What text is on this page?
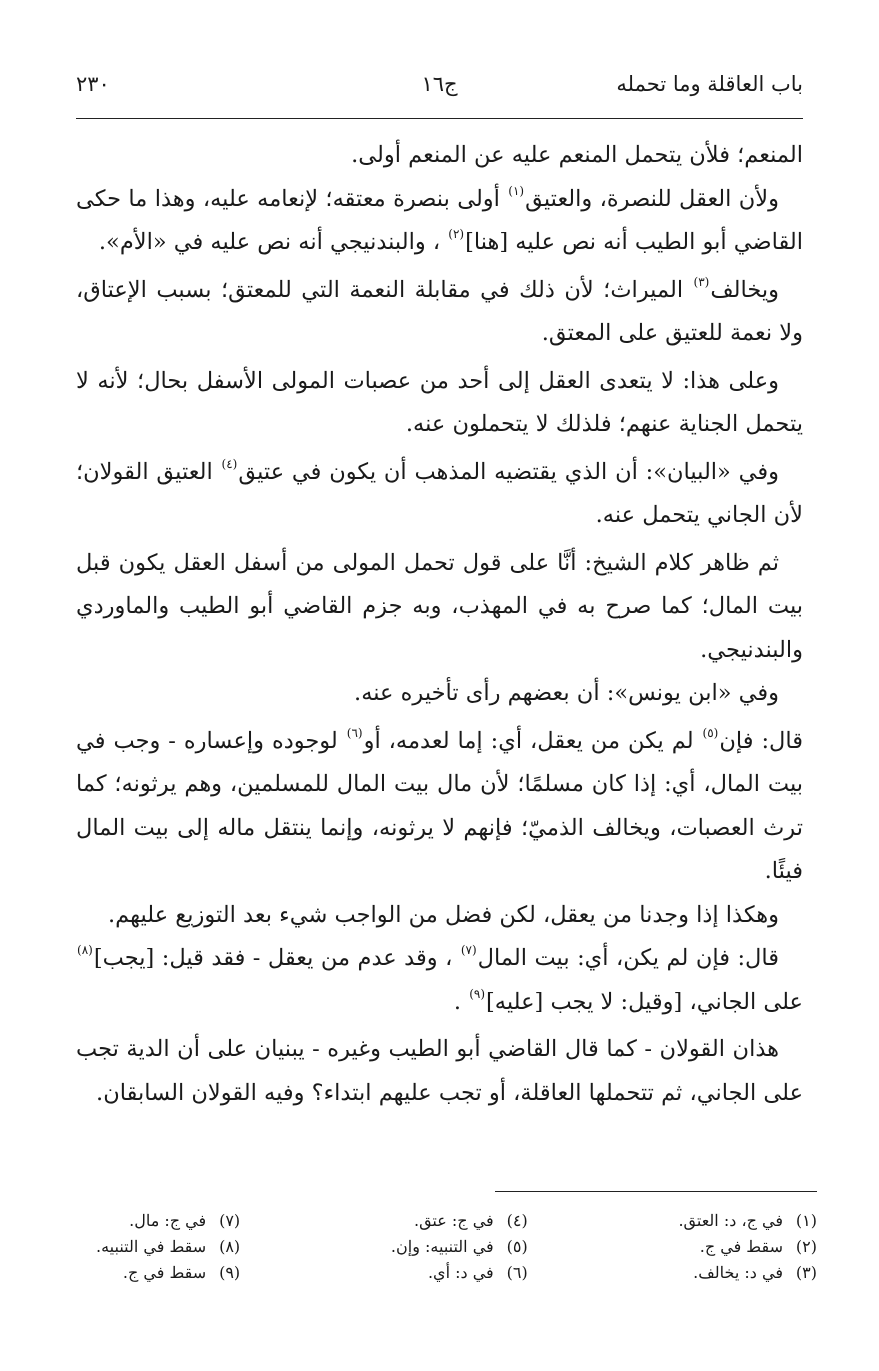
باب العاقلة وما تحمله
ج١٦
٢٣٠

المنعم؛ فلأن يتحمل المنعم عليه عن المنعم أولى.

ولأن العقل للنصرة، والعتيق$^{(١)}$ أولى بنصرة معتقه؛ لإنعامه عليه، وهذا ما حكى القاضي أبو الطيب أنه نص عليه [هنا]$^{(٢)}$ ، والبندنيجي أنه نص عليه في «الأم».

ويخالف$^{(٣)}$ الميراث؛ لأن ذلك في مقابلة النعمة التي للمعتق؛ بسبب الإعتاق، ولا نعمة للعتيق على المعتق.

وعلى هذا: لا يتعدى العقل إلى أحد من عصبات المولى الأسفل بحال؛ لأنه لا يتحمل الجناية عنهم؛ فلذلك لا يتحملون عنه.

وفي «البيان»: أن الذي يقتضيه المذهب أن يكون في عتيق$^{(٤)}$ العتيق القولان؛ لأن الجاني يتحمل عنه.

ثم ظاهر كلام الشيخ: أنَّا على قول تحمل المولى من أسفل العقل يكون قبل بيت المال؛ كما صرح به في المهذب، وبه جزم القاضي أبو الطيب والماوردي والبندنيجي.

وفي «ابن يونس»: أن بعضهم رأى تأخيره عنه.

قال: فإن$^{(٥)}$ لم يكن من يعقل، أي: إما لعدمه، أو$^{(٦)}$ لوجوده وإعساره - وجب في بيت المال، أي: إذا كان مسلمًا؛ لأن مال بيت المال للمسلمين، وهم يرثونه؛ كما ترث العصبات، ويخالف الذميّ؛ فإنهم لا يرثونه، وإنما ينتقل ماله إلى بيت المال فيئًا.

وهكذا إذا وجدنا من يعقل، لكن فضل من الواجب شيء بعد التوزيع عليهم.

قال: فإن لم يكن، أي: بيت المال$^{(٧)}$ ، وقد عدم من يعقل - فقد قيل: [يجب]$^{(٨)}$ على الجاني، [وقيل: لا يجب [عليه]$^{(٩)}$ .

هذان القولان - كما قال القاضي أبو الطيب وغيره - يبنيان على أن الدية تجب على الجاني، ثم تتحملها العاقلة، أو تجب عليهم ابتداء؟ وفيه القولان السابقان.

(١)في ج، د: العتق.
(٢)سقط في ج.
(٣)في د: يخالف.
(٤)في ج: عتق.
(٥)في التنبيه: وإن.
(٦)في د: أي.
(٧)في ج: مال.
(٨)سقط في التنبيه.
(٩)سقط في ج.
